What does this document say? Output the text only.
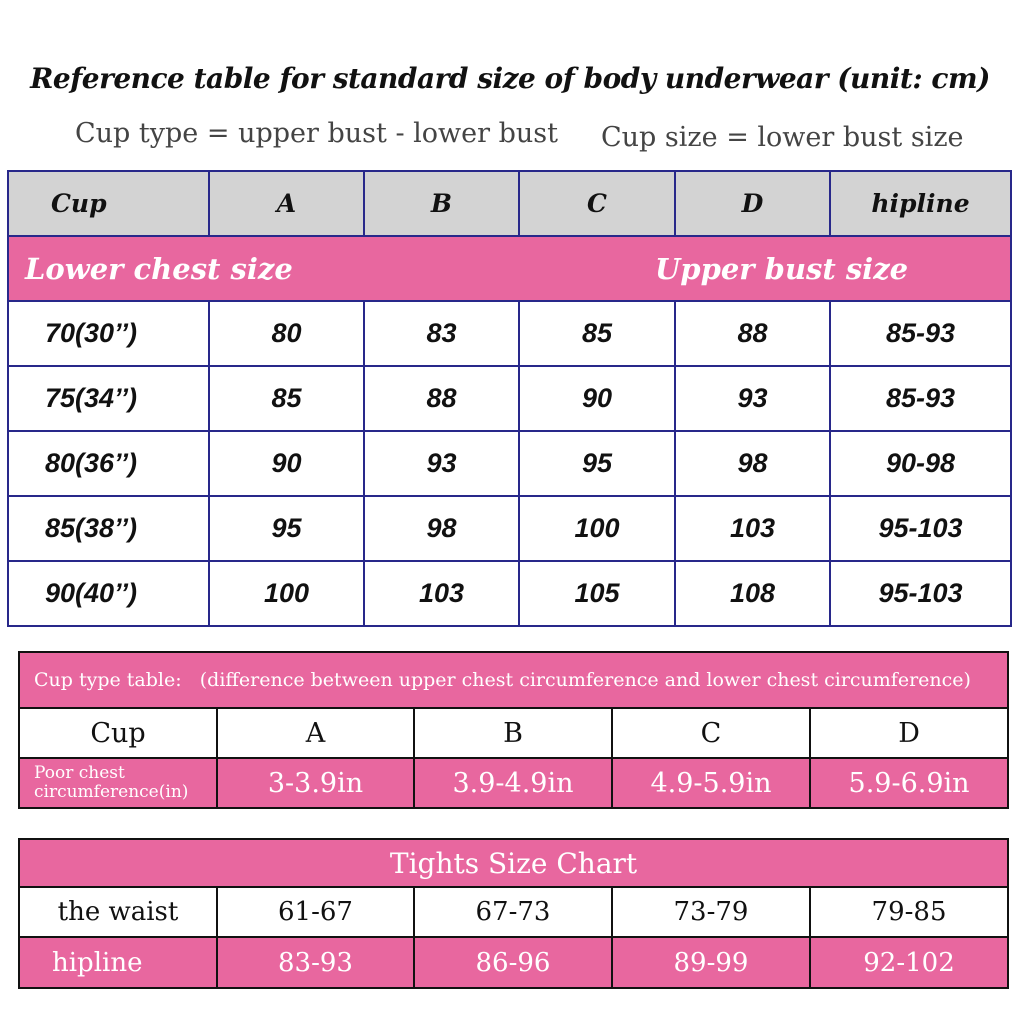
Reference table for standard size of body underwear (unit: cm)
Cup type = upper bust - lower bust Cup size = lower bust size
Cup	A	B	C	D	hipline
Lower chest size				Upper bust size	
70(30’’)	80	83	85	88	85-93
75(34’’)	85	88	90	93	85-93
80(36’’)	90	93	95	98	90-98
85(38’’)	95	98	100	103	95-103
90(40’’)	100	103	105	108	95-103
Cup type table: (difference between upper chest circumference and lower chest circumference)				
Cup	A	B	C	D
Poor chest circumference(in)	3-3.9in	3.9-4.9in	4.9-5.9in	5.9-6.9in
Tights Size Chart				
the waist	61-67	67-73	73-79	79-85
hipline	83-93	86-96	89-99	92-102
